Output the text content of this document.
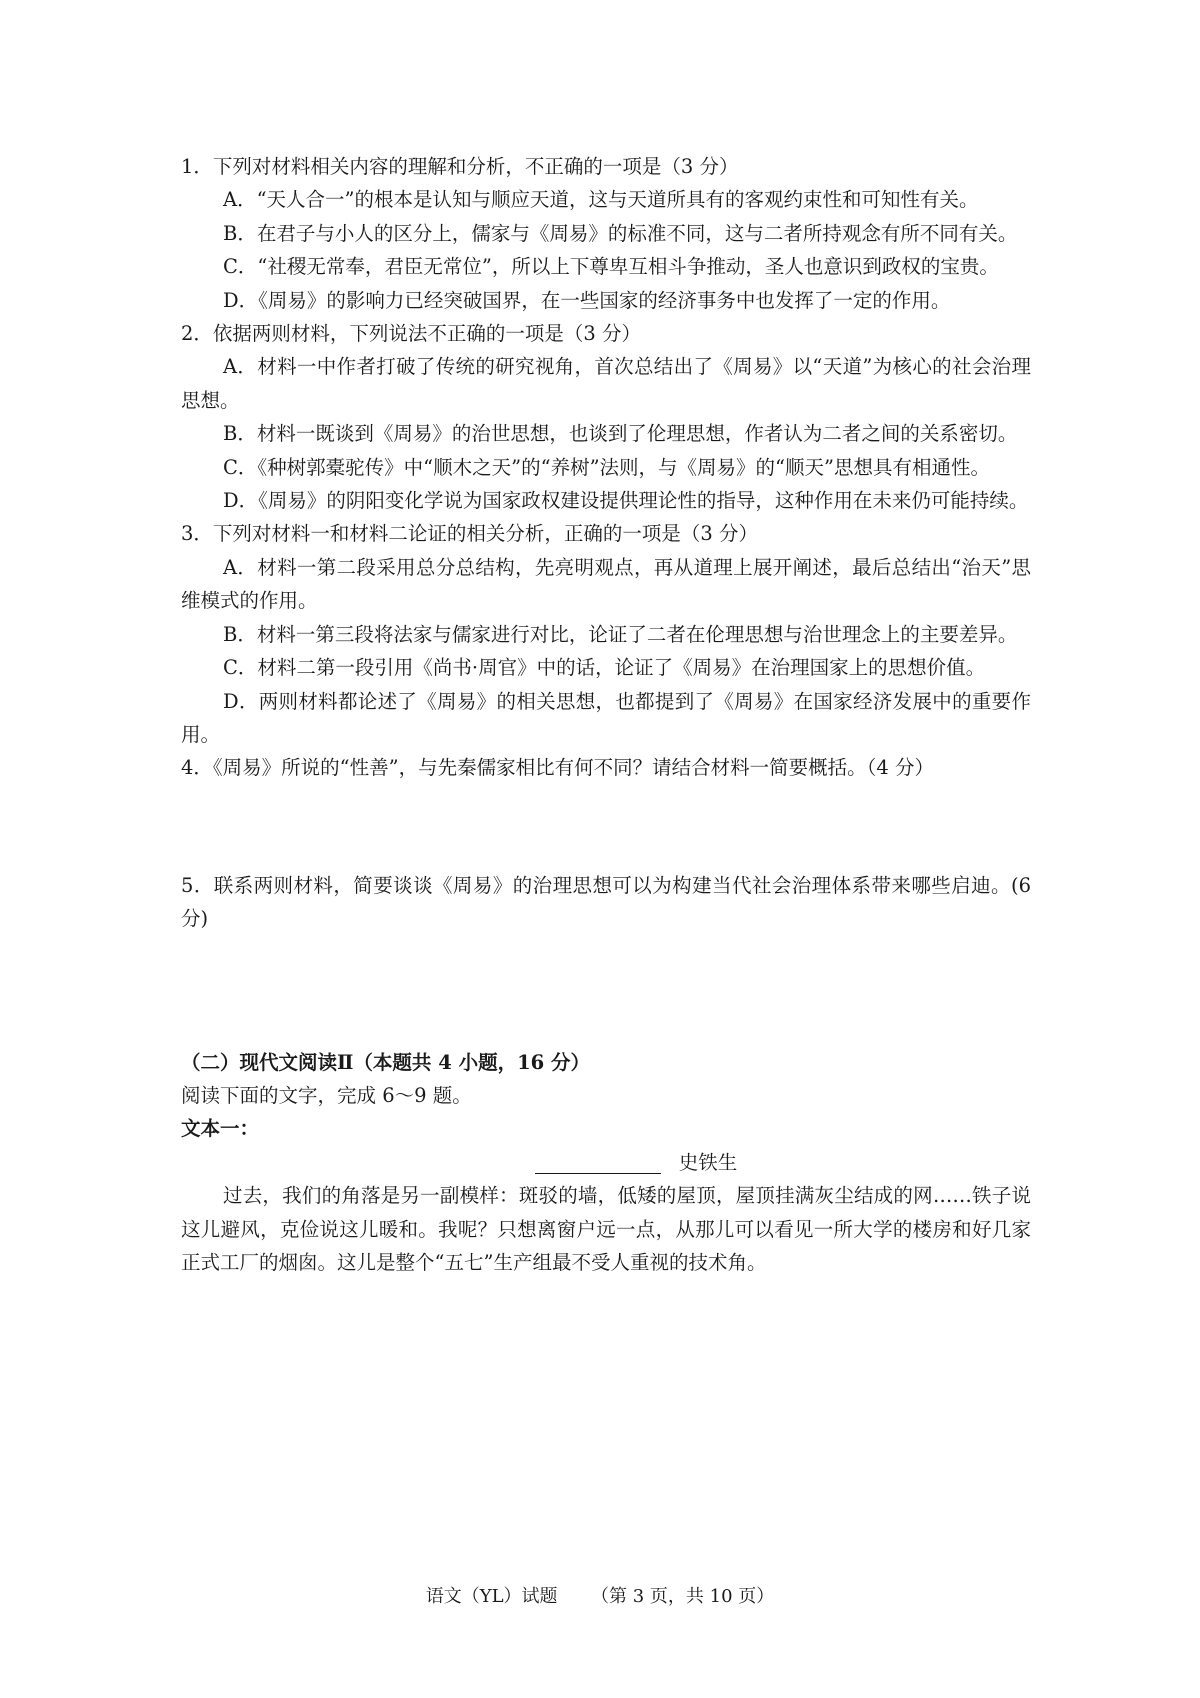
1．下列对材料相关内容的理解和分析，不正确的一项是（3 分）

A．“天人合一”的根本是认知与顺应天道，这与天道所具有的客观约束性和可知性有关。

B．在君子与小人的区分上，儒家与《周易》的标准不同，这与二者所持观念有所不同有关。

C．“社稷无常奉，君臣无常位”，所以上下尊卑互相斗争推动，圣人也意识到政权的宝贵。

D．《周易》的影响力已经突破国界，在一些国家的经济事务中也发挥了一定的作用。

2．依据两则材料，下列说法不正确的一项是（3 分）

A．材料一中作者打破了传统的研究视角，首次总结出了《周易》以“天道”为核心的社会治理思想。

B．材料一既谈到《周易》的治世思想，也谈到了伦理思想，作者认为二者之间的关系密切。

C．《种树郭橐驼传》中“顺木之天”的“养树”法则，与《周易》的“顺天”思想具有相通性。

D．《周易》的阴阳变化学说为国家政权建设提供理论性的指导，这种作用在未来仍可能持续。

3．下列对材料一和材料二论证的相关分析，正确的一项是（3 分）

A．材料一第二段采用总分总结构，先亮明观点，再从道理上展开阐述，最后总结出“治天”思维模式的作用。

B．材料一第三段将法家与儒家进行对比，论证了二者在伦理思想与治世理念上的主要差异。

C．材料二第一段引用《尚书·周官》中的话，论证了《周易》在治理国家上的思想价值。

D．两则材料都论述了《周易》的相关思想，也都提到了《周易》在国家经济发展中的重要作用。

4．《周易》所说的“性善”，与先秦儒家相比有何不同？请结合材料一简要概括。（4 分）

5．联系两则材料，简要谈谈《周易》的治理思想可以为构建当代社会治理体系带来哪些启迪。(6 分)

（二）现代文阅读Ⅱ（本题共 4 小题，16 分）

阅读下面的文字，完成 6～9 题。

文本一：

史铁生

过去，我们的角落是另一副模样：斑驳的墙，低矮的屋顶，屋顶挂满灰尘结成的网……铁子说这儿避风，克俭说这儿暖和。我呢？只想离窗户远一点，从那儿可以看见一所大学的楼房和好几家正式工厂的烟囱。这儿是整个“五七”生产组最不受人重视的技术角。

语文（YL）试题 （第 3 页，共 10 页）
